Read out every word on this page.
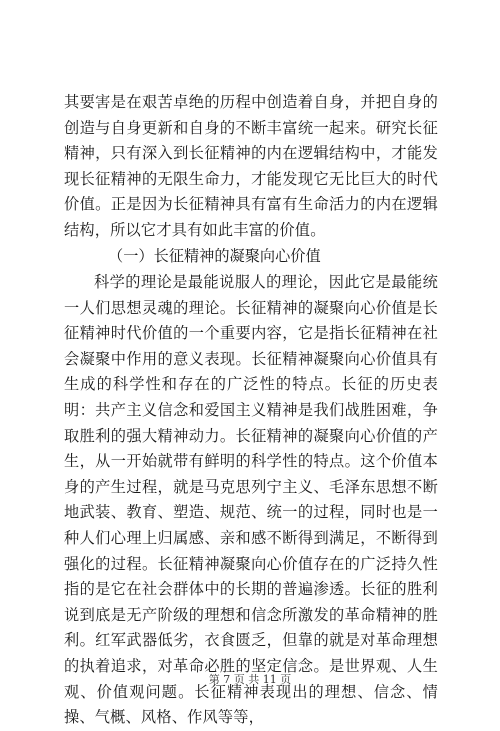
其要害是在艰苦卓绝的历程中创造着自身，并把自身的创造与自身更新和自身的不断丰富统一起来。研究长征精神，只有深入到长征精神的内在逻辑结构中，才能发现长征精神的无限生命力，才能发现它无比巨大的时代价值。正是因为长征精神具有富有生命活力的内在逻辑结构，所以它才具有如此丰富的价值。

（一）长征精神的凝聚向心价值

科学的理论是最能说服人的理论，因此它是最能统一人们思想灵魂的理论。长征精神的凝聚向心价值是长征精神时代价值的一个重要内容，它是指长征精神在社会凝聚中作用的意义表现。长征精神凝聚向心价值具有生成的科学性和存在的广泛性的特点。长征的历史表明：共产主义信念和爱国主义精神是我们战胜困难，争取胜利的强大精神动力。长征精神的凝聚向心价值的产生，从一开始就带有鲜明的科学性的特点。这个价值本身的产生过程，就是马克思列宁主义、毛泽东思想不断地武装、教育、塑造、规范、统一的过程，同时也是一种人们心理上归属感、亲和感不断得到满足，不断得到强化的过程。长征精神凝聚向心价值存在的广泛持久性指的是它在社会群体中的长期的普遍渗透。长征的胜利说到底是无产阶级的理想和信念所激发的革命精神的胜利。红军武器低劣，衣食匮乏，但靠的就是对革命理想的执着追求，对革命必胜的坚定信念。是世界观、人生观、价值观问题。长征精神表现出的理想、信念、情操、气概、风格、作风等等，

第 7 页 共 11 页
